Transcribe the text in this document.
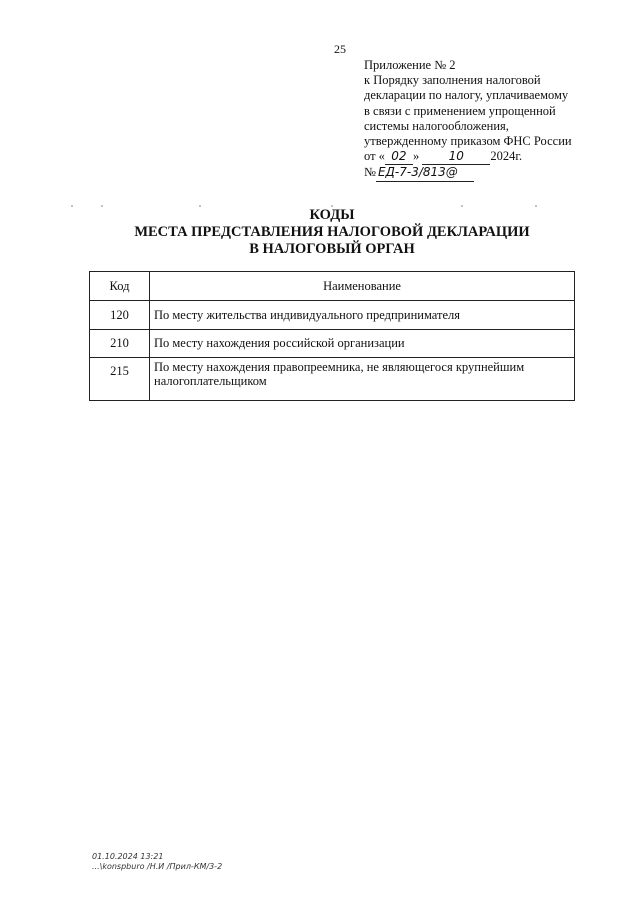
25
Приложение № 2
к Порядку заполнения налоговой
декларации по налогу, уплачиваемому
в связи с применением упрощенной
системы налогообложения,
утвержденному приказом ФНС России
от « 02 » 10 2024г.
№ ЕД-7-3/813@
КОДЫ
МЕСТА ПРЕДСТАВЛЕНИЯ НАЛОГОВОЙ ДЕКЛАРАЦИИ
В НАЛОГОВЫЙ ОРГАН
Код	Наименование
120	По месту жительства индивидуального предпринимателя
210	По месту нахождения российской организации
215	По месту нахождения правопреемника, не являющегося крупнейшим налогоплательщиком
01.10.2024 13:21
...\konspburo /Н.И /Прил-КМ/3-2
